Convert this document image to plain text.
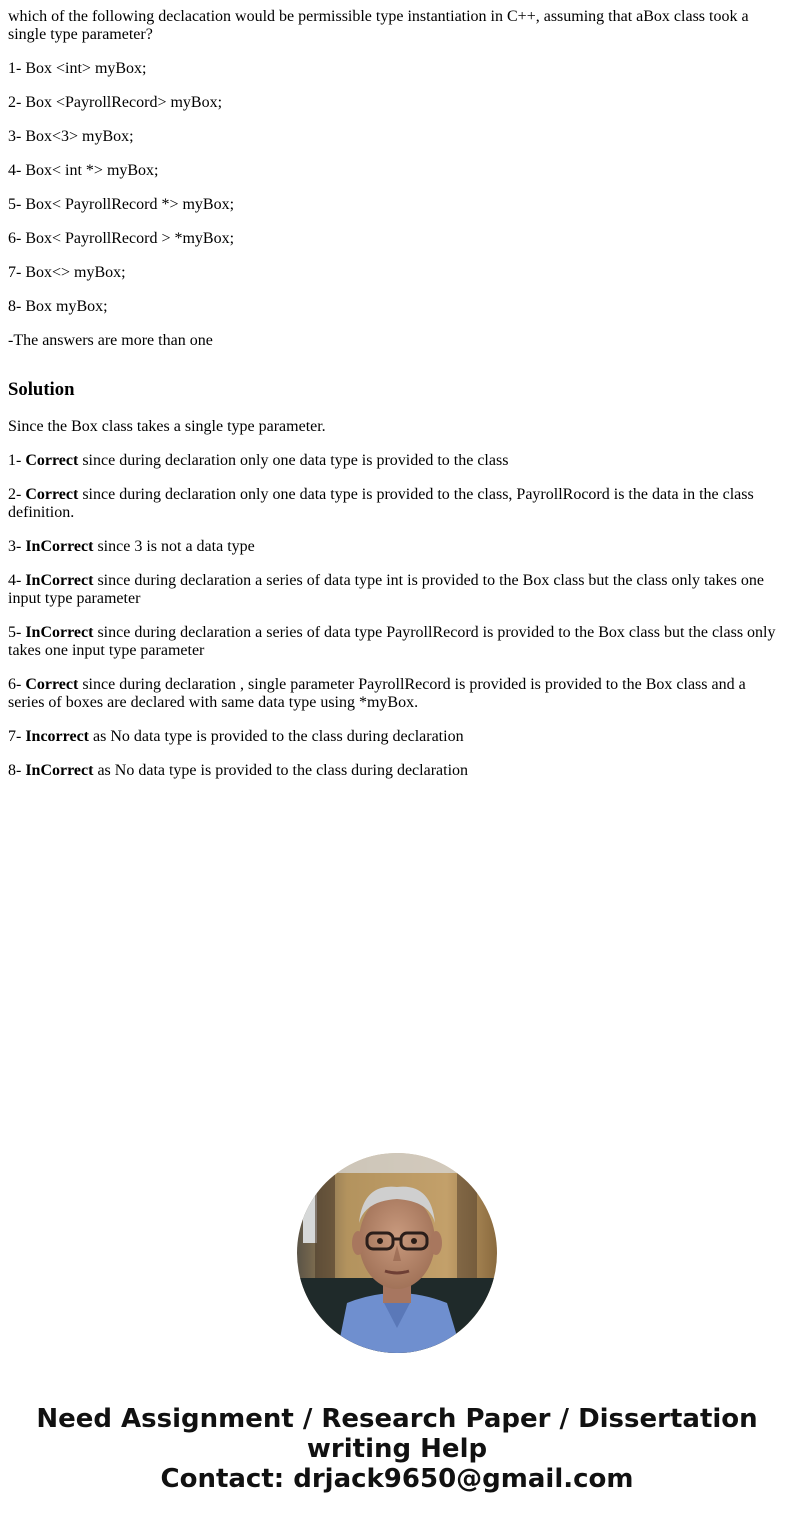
which of the following declacation would be permissible type instantiation in C++, assuming that aBox class took a single type parameter?

1- Box <int> myBox;

2- Box <PayrollRecord> myBox;

3- Box<3> myBox;

4- Box< int *> myBox;

5- Box< PayrollRecord *> myBox;

6- Box< PayrollRecord > *myBox;

7- Box<> myBox;

8- Box myBox;

-The answers are more than one

Solution

Since the Box class takes a single type parameter.

1- Correct since during declaration only one data type is provided to the class

2- Correct since during declaration only one data type is provided to the class, PayrollRocord is the data in the class definition.

3- InCorrect since 3 is not a data type

4- InCorrect since during declaration a series of data type int is provided to the Box class but the class only takes one input type parameter

5- InCorrect since during declaration a series of data type PayrollRecord is provided to the Box class but the class only takes one input type parameter

6- Correct since during declaration , single parameter PayrollRecord is provided is provided to the Box class and a series of boxes are declared with same data type using *myBox.

7- Incorrect as No data type is provided to the class during declaration

8- InCorrect as No data type is provided to the class during declaration

Need Assignment / Research Paper / Dissertation
writing Help
Contact: drjack9650@gmail.com
